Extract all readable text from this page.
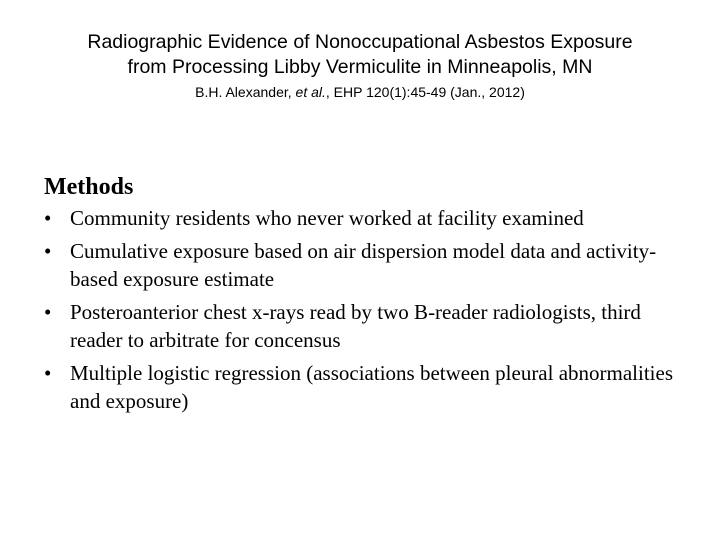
Radiographic Evidence of Nonoccupational Asbestos Exposure
from Processing Libby Vermiculite in Minneapolis, MN
B.H. Alexander, et al., EHP 120(1):45-49 (Jan., 2012)
Methods
• Community residents who never worked at facility examined
• Cumulative exposure based on air dispersion model data and activity-based exposure estimate
• Posteroanterior chest x-rays read by two B-reader radiologists, third reader to arbitrate for concensus
• Multiple logistic regression (associations between pleural abnormalities and exposure)
